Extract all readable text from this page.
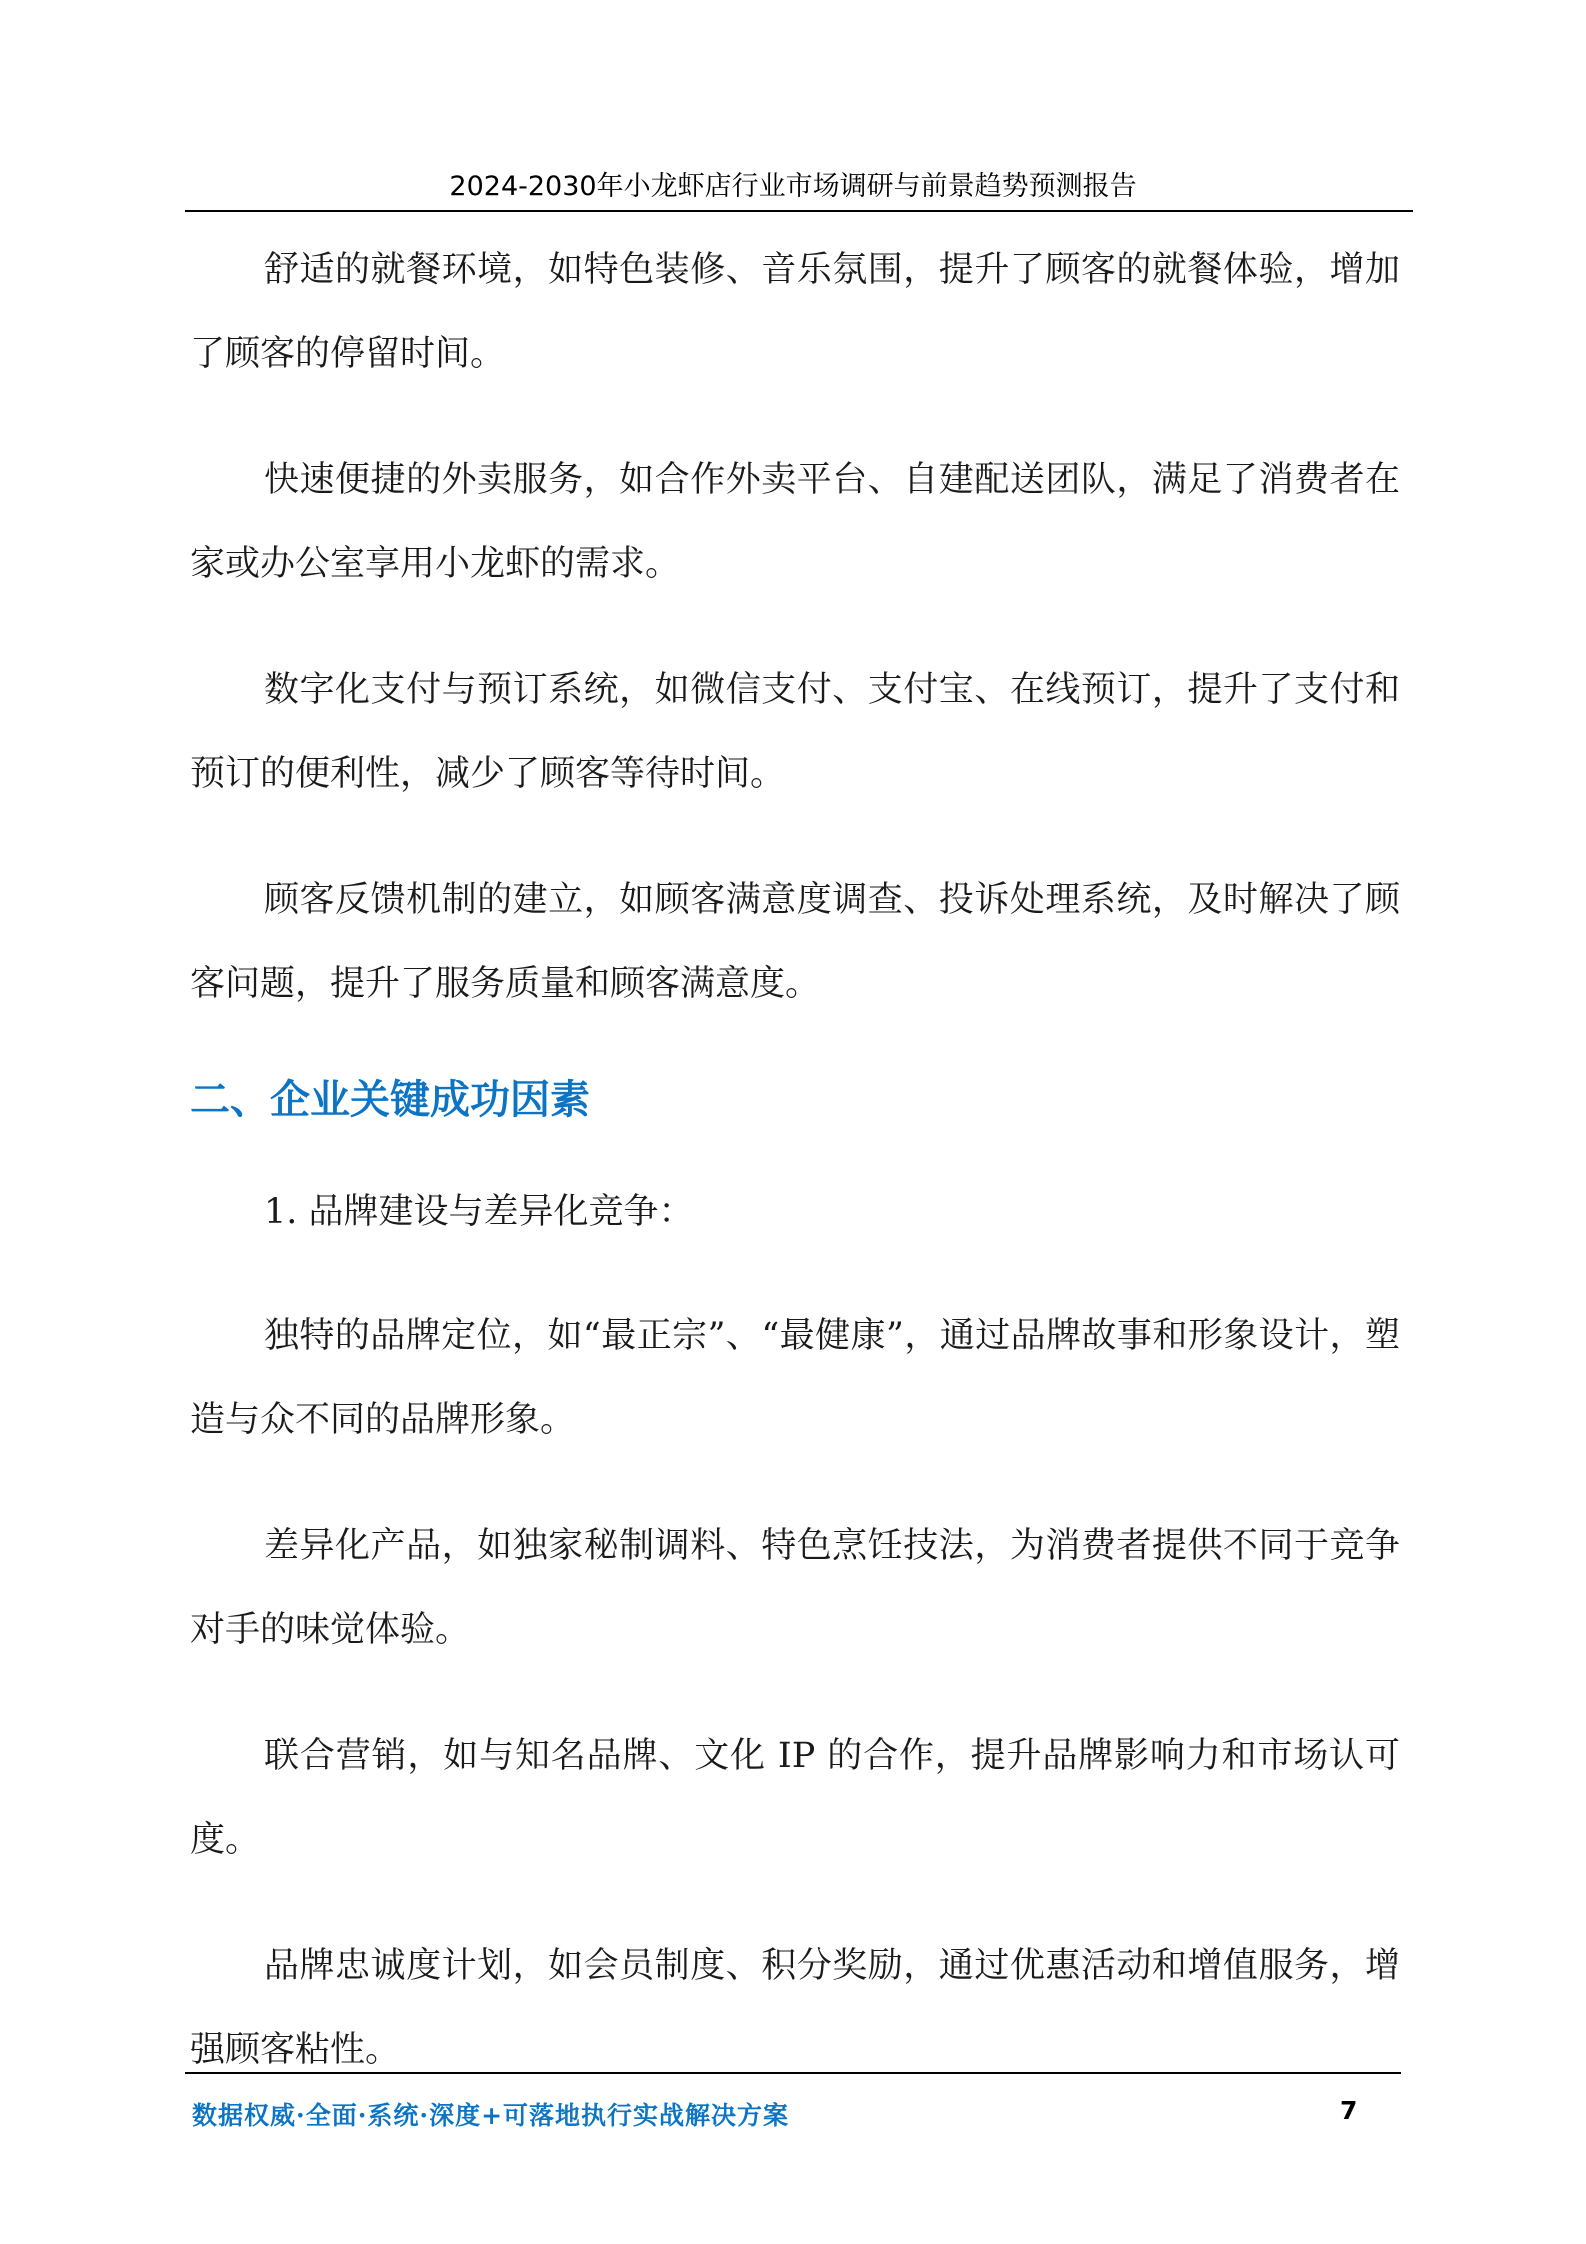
2024-2030年小龙虾店行业市场调研与前景趋势预测报告

舒适的就餐环境，如特色装修、音乐氛围，提升了顾客的就餐体验，增加了顾客的停留时间。

快速便捷的外卖服务，如合作外卖平台、自建配送团队，满足了消费者在家或办公室享用小龙虾的需求。

数字化支付与预订系统，如微信支付、支付宝、在线预订，提升了支付和预订的便利性，减少了顾客等待时间。

顾客反馈机制的建立，如顾客满意度调查、投诉处理系统，及时解决了顾客问题，提升了服务质量和顾客满意度。

二、企业关键成功因素

1. 品牌建设与差异化竞争：

独特的品牌定位，如“最正宗”、“最健康”，通过品牌故事和形象设计，塑造与众不同的品牌形象。

差异化产品，如独家秘制调料、特色烹饪技法，为消费者提供不同于竞争对手的味觉体验。

联合营销，如与知名品牌、文化 IP 的合作，提升品牌影响力和市场认可度。

品牌忠诚度计划，如会员制度、积分奖励，通过优惠活动和增值服务，增强顾客粘性。

数据权威·全面·系统·深度+可落地执行实战解决方案	7
